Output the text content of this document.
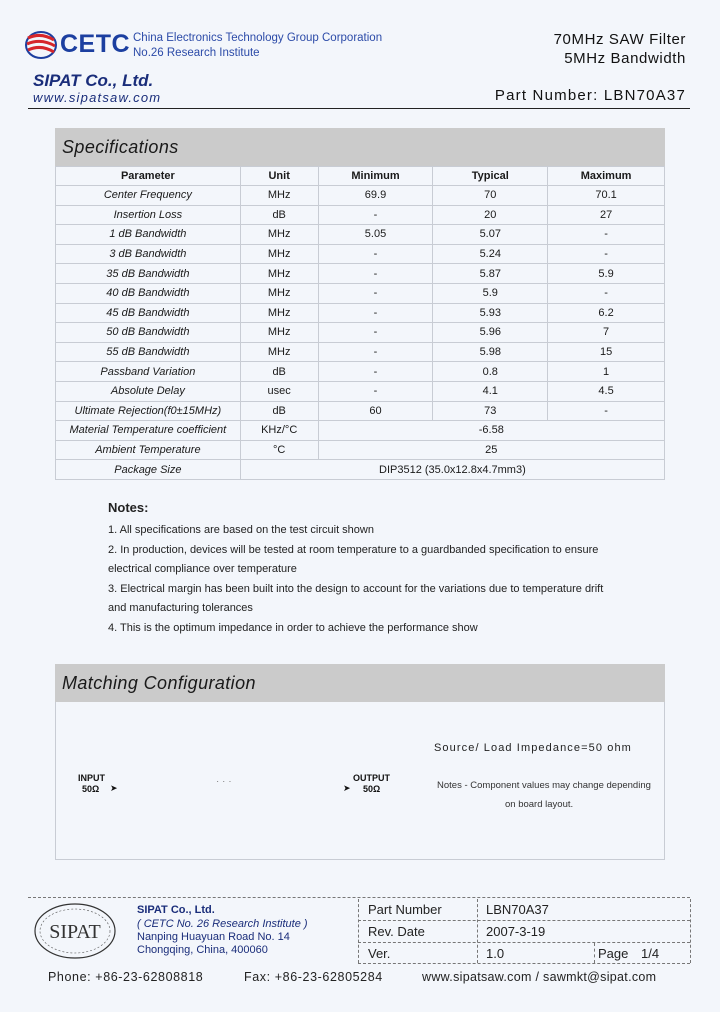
CETC China Electronics Technology Group Corporation
No.26 Research Institute
SIPAT Co., Ltd.
www.sipatsaw.com
70MHz SAW Filter
5MHz Bandwidth
Part Number: LBN70A37
Specifications
Parameter	Unit	Minimum	Typical	Maximum
Center Frequency	MHz	69.9	70	70.1
Insertion Loss	dB	-	20	27
1 dB Bandwidth	MHz	5.05	5.07	-
3 dB Bandwidth	MHz	-	5.24	-
35 dB Bandwidth	MHz	-	5.87	5.9
40 dB Bandwidth	MHz	-	5.9	-
45 dB Bandwidth	MHz	-	5.93	6.2
50 dB Bandwidth	MHz	-	5.96	7
55 dB Bandwidth	MHz	-	5.98	15
Passband Variation	dB	-	0.8	1
Absolute Delay	usec	-	4.1	4.5
Ultimate Rejection(f0±15MHz)	dB	60	73	-
Material Temperature coefficient	KHz/°C	-6.58		
Ambient Temperature	°C	25		
Package Size	DIP3512 (35.0x12.8x4.7mm3)			
Notes:

1. All specifications are based on the test circuit shown

2. In production, devices will be tested at room temperature to a guardbanded specification to ensure

electrical compliance over temperature

3. Electrical margin has been built into the design to account for the variations due to temperature drift

and manufacturing tolerances

4. This is the optimum impedance in order to achieve the performance show

Matching Configuration
Source/ Load Impedance=50 ohm
INPUT
50Ω	➤	⋅⋅⋅	➤
OUTPUT
50Ω	Notes - Component values may change depending
on board layout.
SIPAT
SIPAT Co., Ltd.
( CETC No. 26 Research Institute )
Nanping Huayuan Road No. 14
Chongqing, China, 400060
Part Number	LBN70A37
Rev. Date	2007-3-19
Ver.	1.0	Page 1/4
Phone: +86-23-62808818	Fax: +86-23-62805284	www.sipatsaw.com / sawmkt@sipat.com
